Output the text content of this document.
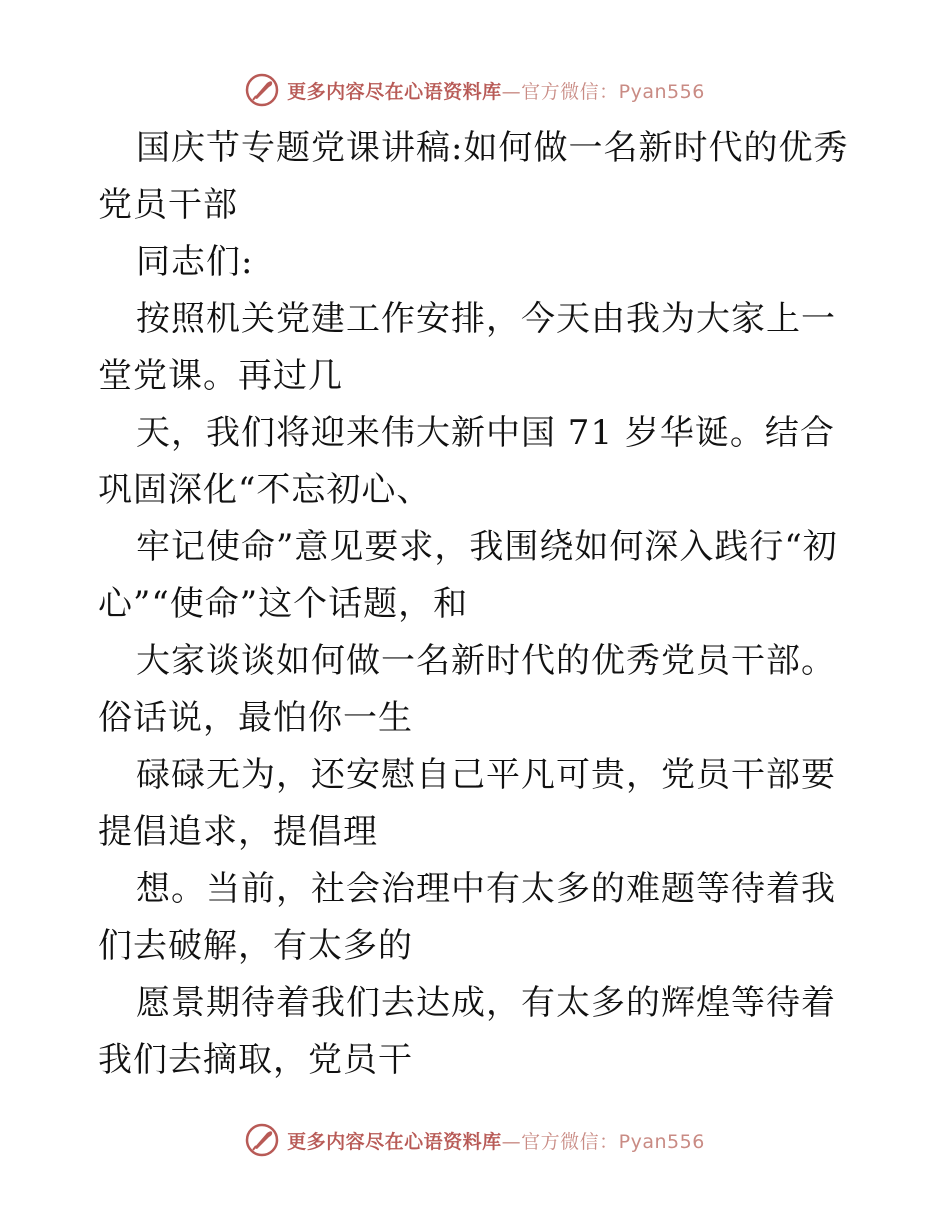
更多内容尽在心语资料库—官方微信：Pyan556

国庆节专题党课讲稿:如何做一名新时代的优秀党员干部

同志们:

按照机关党建工作安排，今天由我为大家上一堂党课。再过几

天，我们将迎来伟大新中国 71 岁华诞。结合巩固深化“不忘初心、

牢记使命”意见要求，我围绕如何深入践行“初心”“使命”这个话题，和

大家谈谈如何做一名新时代的优秀党员干部。俗话说，最怕你一生

碌碌无为，还安慰自己平凡可贵，党员干部要提倡追求，提倡理

想。当前，社会治理中有太多的难题等待着我们去破解，有太多的

愿景期待着我们去达成，有太多的辉煌等待着我们去摘取，党员干

更多内容尽在心语资料库—官方微信：Pyan556
